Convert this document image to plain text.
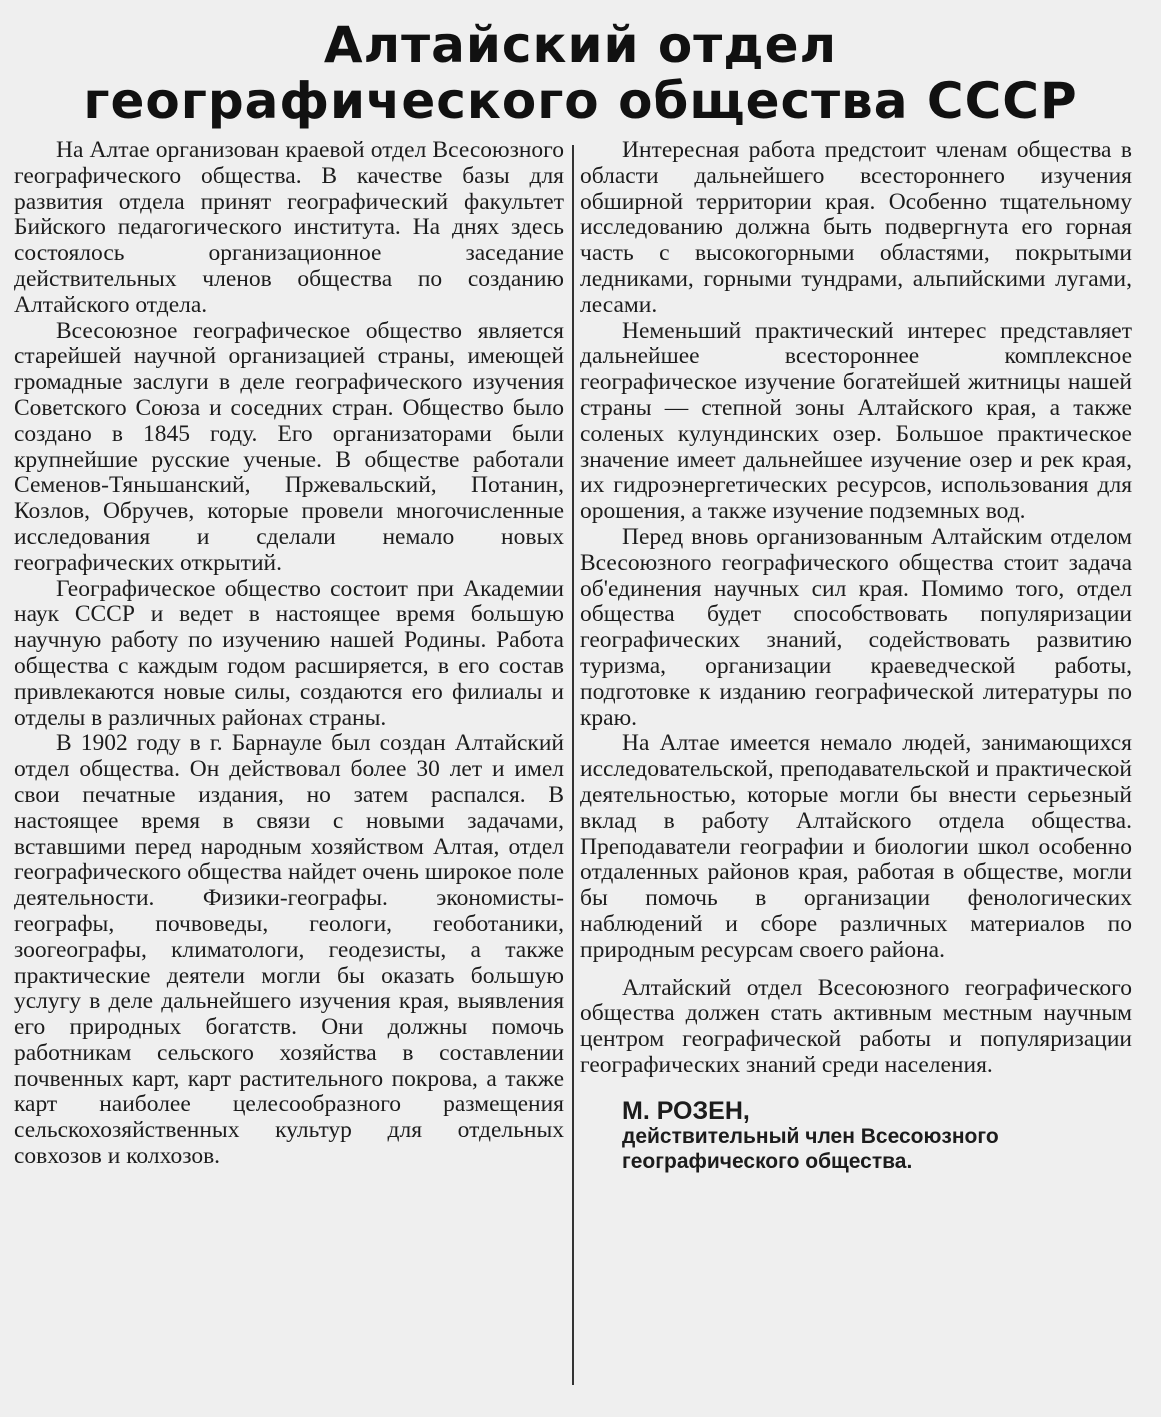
Алтайский отдел
географического общества СССР

На Алтае организован краевой отдел Всесоюзного географического общества. В качестве базы для развития отдела принят географический факультет Бийского педагогического института. На днях здесь состоялось организационное заседание действительных членов общества по созданию Алтайского отдела.

Всесоюзное географическое общество является старейшей научной организацией страны, имеющей громадные заслуги в деле географического изучения Советского Союза и соседних стран. Общество было создано в 1845 году. Его организаторами были крупнейшие русские ученые. В обществе работали Семенов-Тяньшанский, Пржевальский, Потанин, Козлов, Обручев, которые провели многочисленные исследования и сделали немало новых географических открытий.

Географическое общество состоит при Академии наук СССР и ведет в настоящее время большую научную работу по изучению нашей Родины. Работа общества с каждым годом расширяется, в его состав привлекаются новые силы, создаются его филиалы и отделы в различных районах страны.

В 1902 году в г. Барнауле был создан Алтайский отдел общества. Он действовал более 30 лет и имел свои печатные издания, но затем распался. В настоящее время в связи с новыми задачами, вставшими перед народным хозяйством Алтая, отдел географического общества найдет очень широкое поле деятельности. Физики-географы. экономисты-географы, почвоведы, геологи, геоботаники, зоогеографы, климатологи, геодезисты, а также практические деятели могли бы оказать большую услугу в деле дальнейшего изучения края, выявления его природных богатств. Они должны помочь работникам сельского хозяйства в составлении почвенных карт, карт растительного покрова, а также карт наиболее целесообразного размещения сельскохозяйственных культур для отдельных совхозов и колхозов.

Интересная работа предстоит членам общества в области дальнейшего всестороннего изучения обширной территории края. Особенно тщательному исследованию должна быть подвергнута его горная часть с высокогорными областями, покрытыми ледниками, горными тундрами, альпийскими лугами, лесами.

Неменьший практический интерес представляет дальнейшее всестороннее комплексное географическое изучение богатейшей житницы нашей страны — степной зоны Алтайского края, а также соленых кулундинских озер. Большое практическое значение имеет дальнейшее изучение озер и рек края, их гидроэнергетических ресурсов, использования для орошения, а также изучение подземных вод.

Перед вновь организованным Алтайским отделом Всесоюзного географического общества стоит задача об'единения научных сил края. Помимо того, отдел общества будет способствовать популяризации географических знаний, содействовать развитию туризма, организации краеведческой работы, подготовке к изданию географической литературы по краю.

На Алтае имеется немало людей, занимающихся исследовательской, преподавательской и практической деятельностью, которые могли бы внести серьезный вклад в работу Алтайского отдела общества. Преподаватели географии и биологии школ особенно отдаленных районов края, работая в обществе, могли бы помочь в организации фенологических наблюдений и сборе различных материалов по природным ресурсам своего района.

Алтайский отдел Всесоюзного географического общества должен стать активным местным научным центром географической работы и популяризации географических знаний среди населения.

М. РОЗЕН,

действительный член Всесоюзного

географического общества.
